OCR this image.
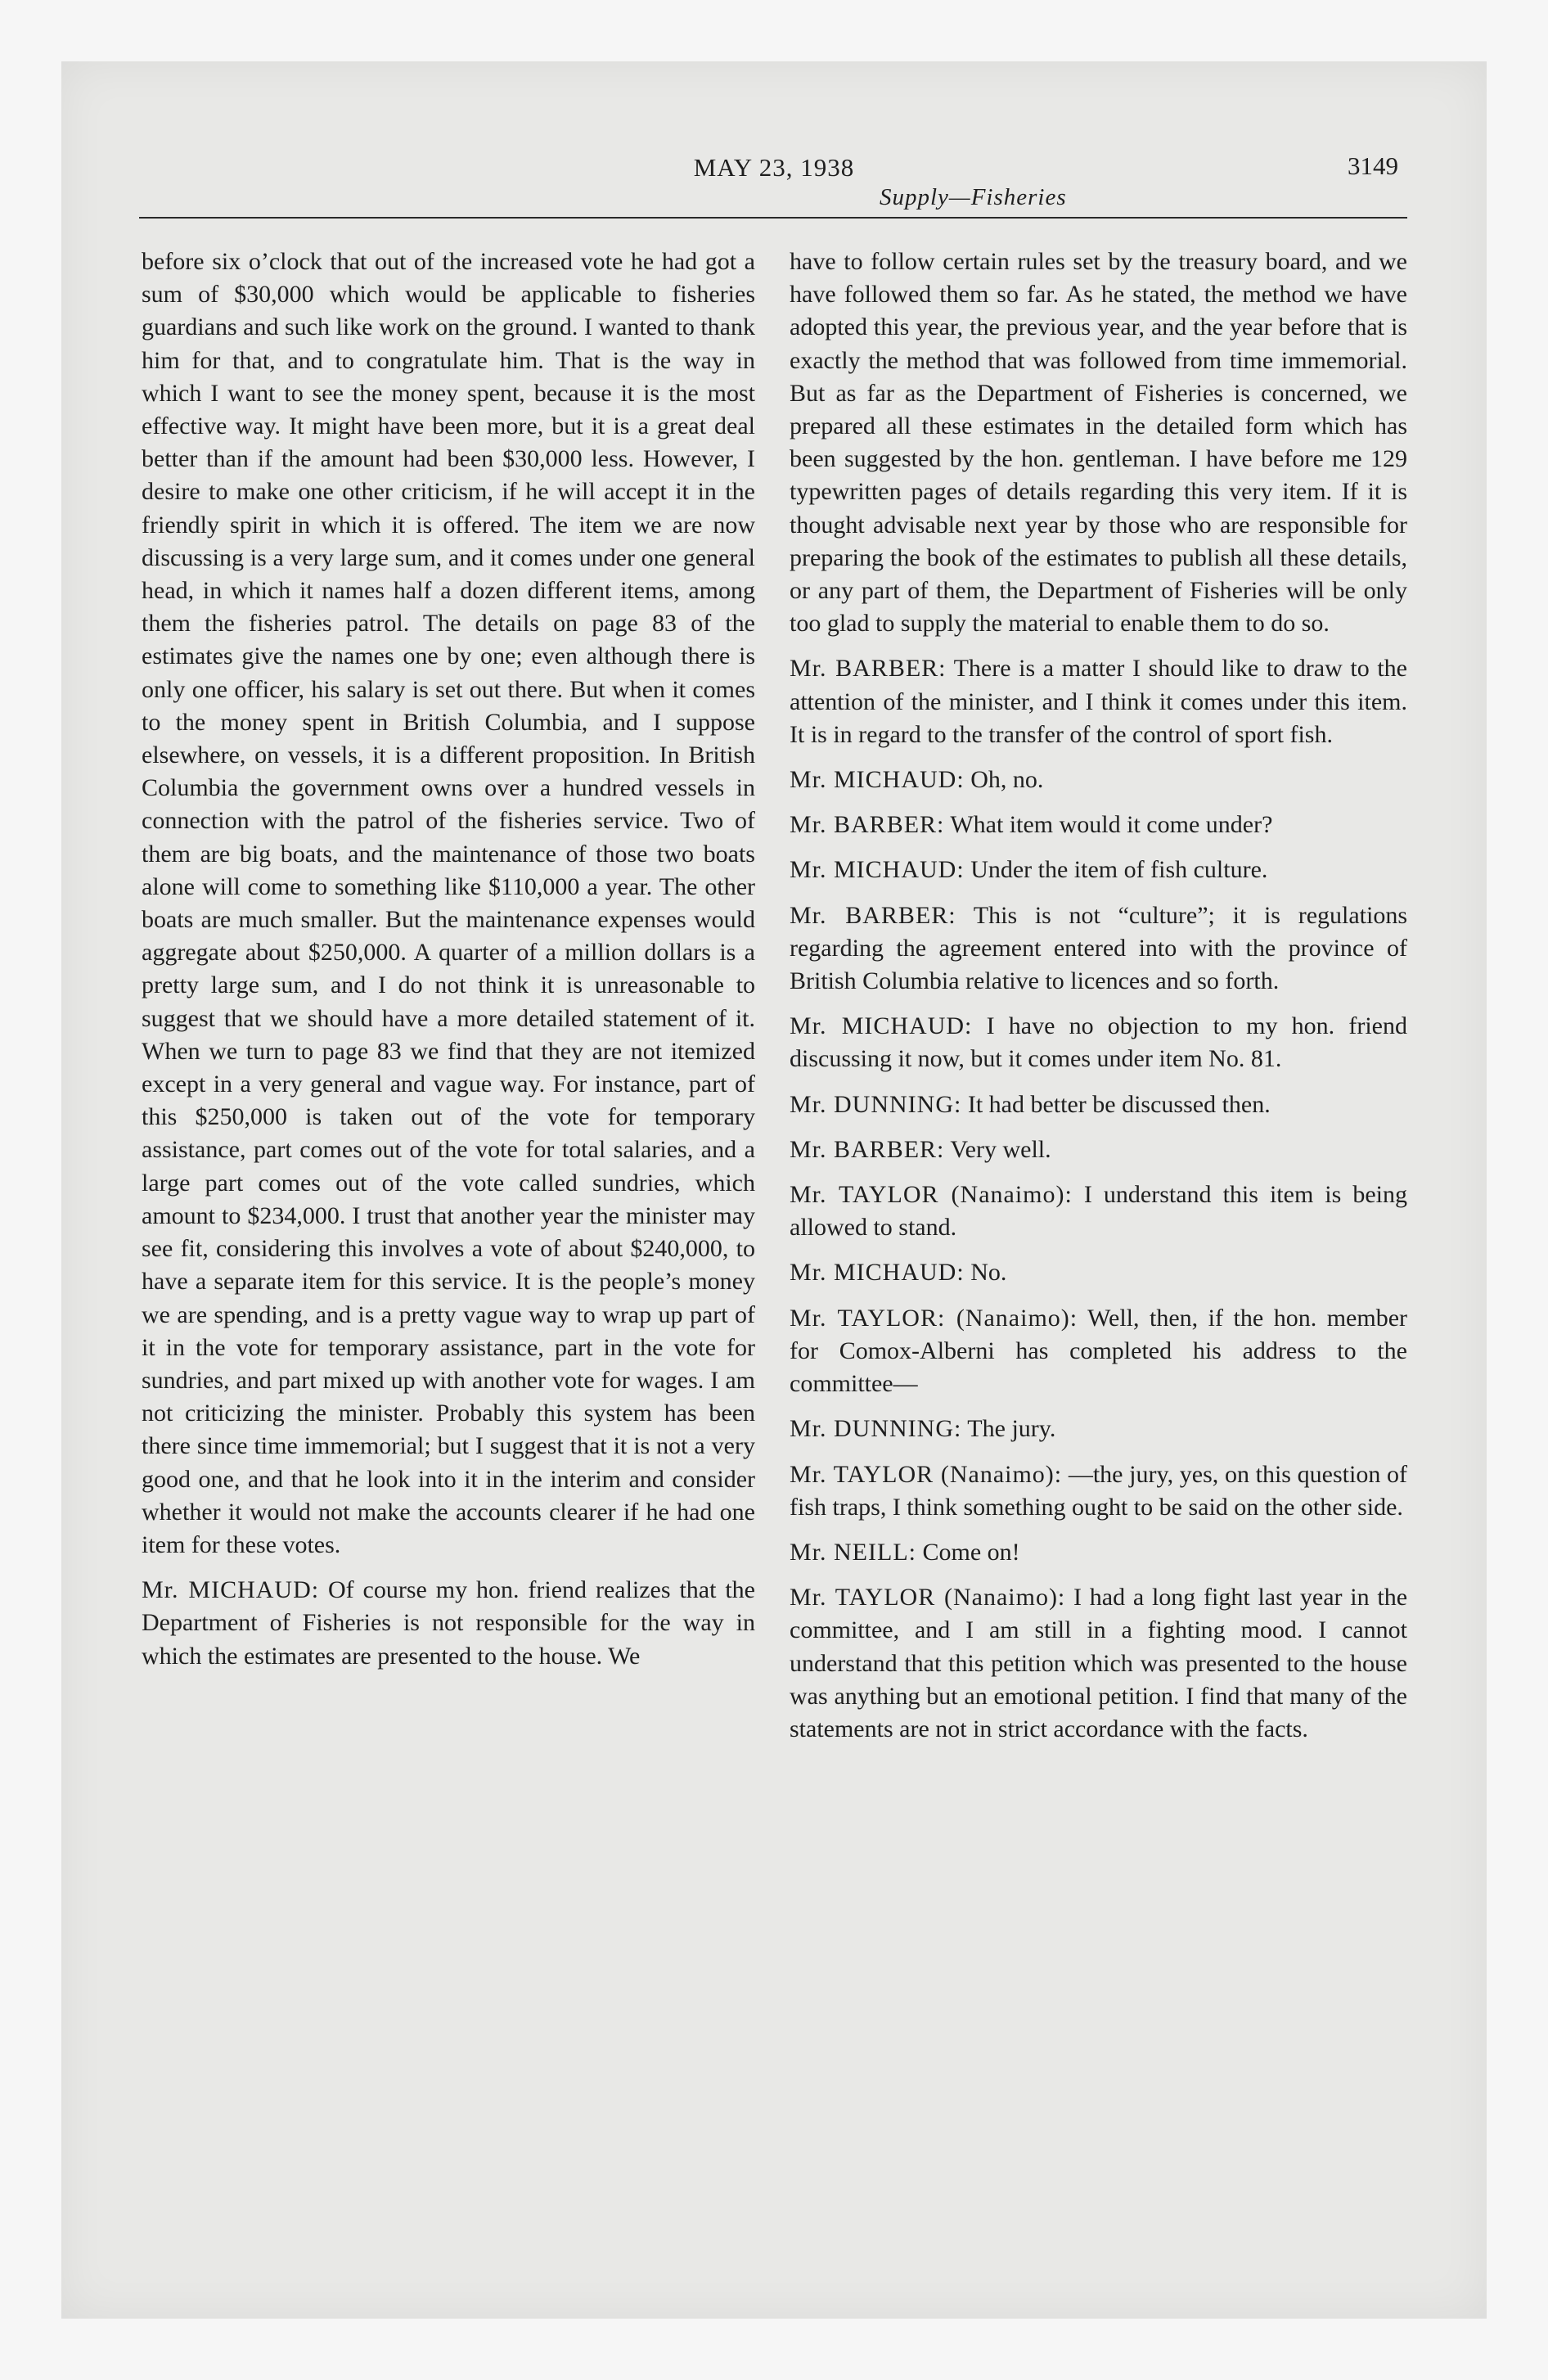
MAY 23, 1938
Supply—Fisheries
3149

before six o’clock that out of the increased vote he had got a sum of $30,000 which would be applicable to fisheries guardians and such like work on the ground. I wanted to thank him for that, and to congratulate him. That is the way in which I want to see the money spent, because it is the most effective way. It might have been more, but it is a great deal better than if the amount had been $30,000 less. However, I desire to make one other criticism, if he will accept it in the friendly spirit in which it is offered. The item we are now discussing is a very large sum, and it comes under one general head, in which it names half a dozen different items, among them the fisheries patrol. The details on page 83 of the estimates give the names one by one; even although there is only one officer, his salary is set out there. But when it comes to the money spent in British Columbia, and I suppose elsewhere, on vessels, it is a different proposition. In British Columbia the government owns over a hundred vessels in connection with the patrol of the fisheries service. Two of them are big boats, and the maintenance of those two boats alone will come to something like $110,000 a year. The other boats are much smaller. But the maintenance expenses would aggregate about $250,000. A quarter of a million dollars is a pretty large sum, and I do not think it is unreasonable to suggest that we should have a more detailed statement of it. When we turn to page 83 we find that they are not itemized except in a very general and vague way. For instance, part of this $250,000 is taken out of the vote for temporary assistance, part comes out of the vote for total salaries, and a large part comes out of the vote called sundries, which amount to $234,000. I trust that another year the minister may see fit, considering this involves a vote of about $240,000, to have a separate item for this service. It is the people’s money we are spending, and is a pretty vague way to wrap up part of it in the vote for temporary assistance, part in the vote for sundries, and part mixed up with another vote for wages. I am not criticizing the minister. Probably this system has been there since time immemorial; but I suggest that it is not a very good one, and that he look into it in the interim and consider whether it would not make the accounts clearer if he had one item for these votes.

Mr. MICHAUD: Of course my hon. friend realizes that the Department of Fisheries is not responsible for the way in which the estimates are presented to the house. We

have to follow certain rules set by the treasury board, and we have followed them so far. As he stated, the method we have adopted this year, the previous year, and the year before that is exactly the method that was followed from time immemorial. But as far as the Department of Fisheries is concerned, we prepared all these estimates in the detailed form which has been suggested by the hon. gentleman. I have before me 129 typewritten pages of details regarding this very item. If it is thought advisable next year by those who are responsible for preparing the book of the estimates to publish all these details, or any part of them, the Department of Fisheries will be only too glad to supply the material to enable them to do so.

Mr. BARBER: There is a matter I should like to draw to the attention of the minister, and I think it comes under this item. It is in regard to the transfer of the control of sport fish.

Mr. MICHAUD: Oh, no.

Mr. BARBER: What item would it come under?

Mr. MICHAUD: Under the item of fish culture.

Mr. BARBER: This is not “culture”; it is regulations regarding the agreement entered into with the province of British Columbia relative to licences and so forth.

Mr. MICHAUD: I have no objection to my hon. friend discussing it now, but it comes under item No. 81.

Mr. DUNNING: It had better be discussed then.

Mr. BARBER: Very well.

Mr. TAYLOR (Nanaimo): I understand this item is being allowed to stand.

Mr. MICHAUD: No.

Mr. TAYLOR: (Nanaimo): Well, then, if the hon. member for Comox-Alberni has completed his address to the committee—

Mr. DUNNING: The jury.

Mr. TAYLOR (Nanaimo): —the jury, yes, on this question of fish traps, I think something ought to be said on the other side.

Mr. NEILL: Come on!

Mr. TAYLOR (Nanaimo): I had a long fight last year in the committee, and I am still in a fighting mood. I cannot understand that this petition which was presented to the house was anything but an emotional petition. I find that many of the statements are not in strict accordance with the facts.
